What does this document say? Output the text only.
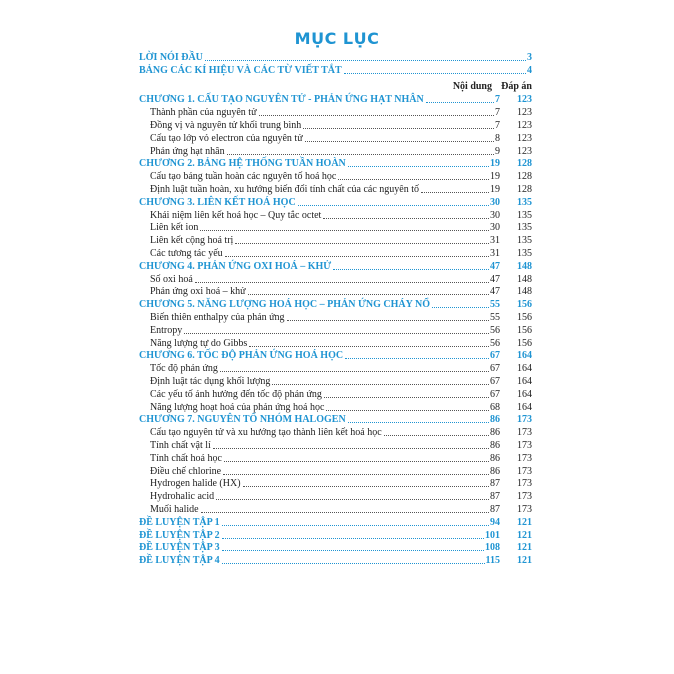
MỤC LỤC
LỜI NÓI ĐẦU	3
BẢNG CÁC KÍ HIỆU VÀ CÁC TỪ VIẾT TẮT	4
Nội dung Đáp án
CHƯƠNG 1. CẤU TẠO NGUYÊN TỬ - PHẢN ỨNG HẠT NHÂN	7	123
Thành phần của nguyên tử	7	123
Đồng vị và nguyên tử khối trung bình	7	123
Cấu tạo lớp vỏ electron của nguyên tử	8	123
Phản ứng hạt nhân	9	123
CHƯƠNG 2. BẢNG HỆ THỐNG TUẦN HOÀN	19	128
Cấu tạo bảng tuần hoàn các nguyên tố hoá học	19	128
Định luật tuần hoàn, xu hướng biến đổi tính chất của các nguyên tố	19	128
CHƯƠNG 3. LIÊN KẾT HOÁ HỌC	30	135
Khái niệm liên kết hoá học – Quy tắc octet	30	135
Liên kết ion	30	135
Liên kết cộng hoá trị	31	135
Các tương tác yếu	31	135
CHƯƠNG 4. PHẢN ỨNG OXI HOÁ – KHỬ	47	148
Số oxi hoá	47	148
Phản ứng oxi hoá – khử	47	148
CHƯƠNG 5. NĂNG LƯỢNG HOÁ HỌC – PHẢN ỨNG CHÁY NỔ	55	156
Biến thiên enthalpy của phản ứng	55	156
Entropy	56	156
Năng lượng tự do Gibbs	56	156
CHƯƠNG 6. TỐC ĐỘ PHẢN ỨNG HOÁ HỌC	67	164
Tốc độ phản ứng	67	164
Định luật tác dụng khối lượng	67	164
Các yếu tố ảnh hưởng đến tốc độ phản ứng	67	164
Năng lượng hoạt hoá của phản ứng hoá học	68	164
CHƯƠNG 7. NGUYÊN TỐ NHÓM HALOGEN	86	173
Cấu tạo nguyên tử và xu hướng tạo thành liên kết hoá học	86	173
Tính chất vật lí	86	173
Tính chất hoá học	86	173
Điều chế chlorine	86	173
Hydrogen halide (HX)	87	173
Hydrohalic acid	87	173
Muối halide	87	173
ĐỀ LUYỆN TẬP 1	94	121
ĐỀ LUYỆN TẬP 2	101	121
ĐỀ LUYỆN TẬP 3	108	121
ĐỀ LUYỆN TẬP 4	115	121
